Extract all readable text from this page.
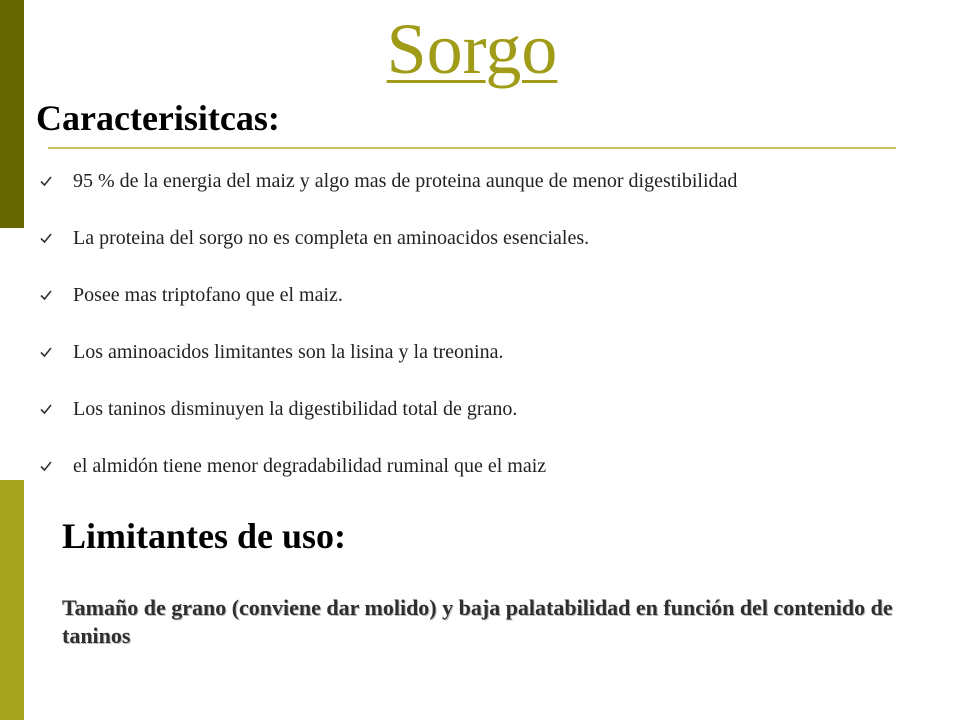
Sorgo
Caracterisitcas:
95 % de la energia del maiz y algo mas de proteina aunque de menor digestibilidad
La proteina del sorgo no es completa en aminoacidos esenciales.
Posee mas triptofano que el maiz.
Los aminoacidos limitantes son la lisina y la treonina.
Los taninos disminuyen la digestibilidad total de grano.
el almidón tiene menor degradabilidad ruminal que el maiz
Limitantes de uso:
Tamaño de grano (conviene dar molido) y baja palatabilidad en función del contenido de taninos
